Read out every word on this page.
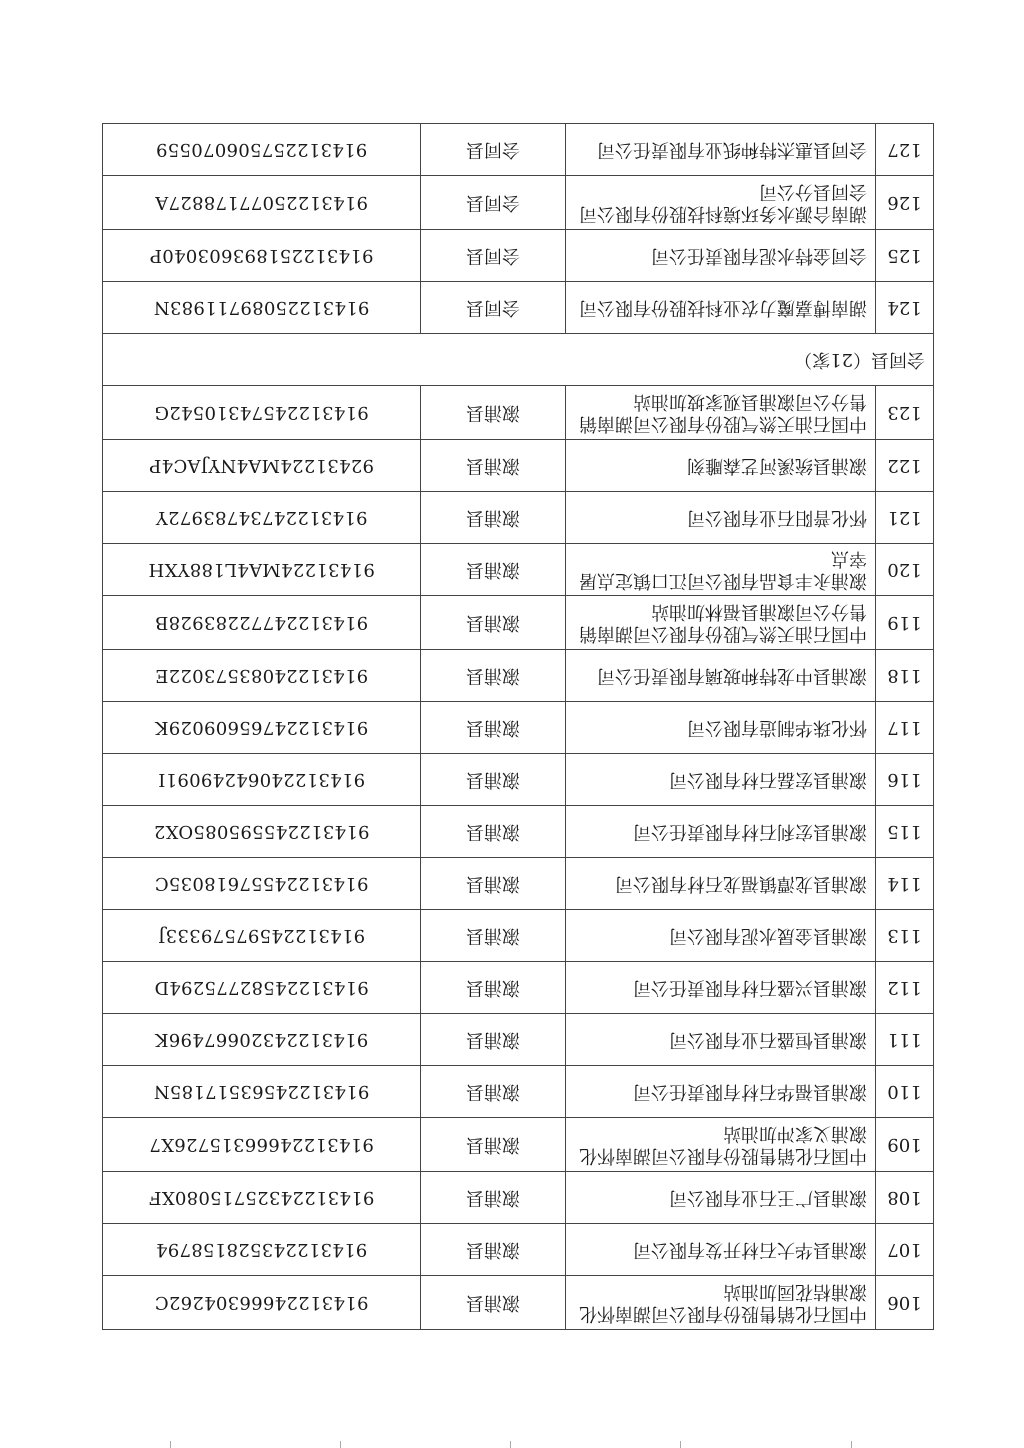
106	中国石化销售股份有限公司湖南怀化溆浦桔花园加油站	溆浦县	91431224666304262C
107	溆浦县华大石材开发有限公司	溆浦县	914312243528158794
108	溆浦县广王石业有限公司	溆浦县	91431224325715080XF
109	中国石化销售股份有限公司湖南怀化溆浦义家冲加油站	溆浦县	91431224666315726X7
110	溆浦县福华石材有限责任公司	溆浦县	91431224563517185N
111	溆浦县恒盛石业有限公司	溆浦县	91431224320667496K
112	溆浦县兴盛石材有限责任公司	溆浦县	91431224582775294D
113	溆浦县金晟水泥有限公司	溆浦县	91431224597579333J
114	溆浦县龙潭镇福龙石材有限公司	溆浦县	91431224557618035C
115	溆浦县宏利石材有限责任公司	溆浦县	914312245595085OX2
116	溆浦县宏磊石材有限公司	溆浦县	91431224064249091I
117	怀化珠华制造有限公司	溆浦县	91431224765609029K
118	溆浦县中龙特种玻璃有限责任公司	溆浦县	91431224083573022E
119	中国石油天然气股份有限公司湖南销售分公司溆浦县福林加油站	溆浦县	91431224772283928B
120	溆浦永丰食品有限公司江口镇定点屠宰点	溆浦县	91431224MA4L188YXH
121	怀化普阳石业有限公司	溆浦县	91431224734783972Y
122	溆浦县统溪河艺森雕刻	溆浦县	92431224MA4NYJAC4P
123	中国石油天然气股份有限公司湖南销售分公司溆浦县观家坡加油站	溆浦县	91431224574310542G
会同县（21家）			
124	湖南博嘉魔力农业科技股份有限公司	会同县	91431225089711983N
125	会同金特水泥有限责任公司	会同县	914312251893603040P
126	湖南合源水务环境科技股份有限公司会同县分公司	会同县	91431225077178827A
127	会同县惠杰特种纸业有限责任公司	会同县	914312257506070559
